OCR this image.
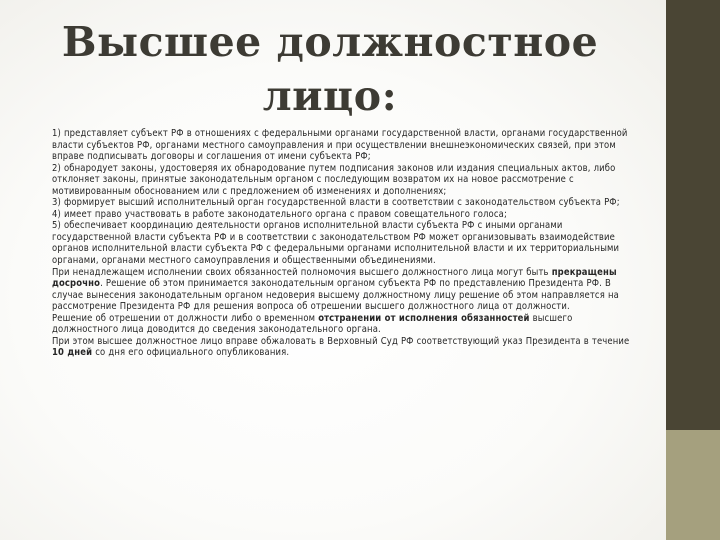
Высшее должностное
лицо:

1) представляет субъект РФ в отношениях с федеральными органами государственной власти, органами государственной власти субъектов РФ, органами местного самоуправления и при осуществлении внешнеэкономических связей, при этом вправе подписывать договоры и соглашения от имени субъекта РФ;

2) обнародует законы, удостоверяя их обнародование путем подписания законов или издания специальных актов, либо отклоняет законы, принятые законодательным органом с последующим возвратом их на новое рассмотрение с мотивированным обоснованием или с предложением об изменениях и дополнениях;

3) формирует высший исполнительный орган государственной власти в соответствии с законодательством субъекта РФ;

4) имеет право участвовать в работе законодательного органа с правом совещательного голоса;

5) обеспечивает координацию деятельности органов исполнительной власти субъекта РФ с иными органами государственной власти субъекта РФ и в соответствии с законодательством РФ может организовывать взаимодействие органов исполнительной власти субъекта РФ с федеральными органами исполнительной власти и их территориальными органами, органами местного самоуправления и общественными объединениями.

При ненадлежащем исполнении своих обязанностей полномочия высшего должностного лица могут быть прекращены досрочно. Решение об этом принимается законодательным органом субъекта РФ по представлению Президента РФ. В случае вынесения законодательным органом недоверия высшему должностному лицу решение об этом направляется на рассмотрение Президента РФ для решения вопроса об отрешении высшего должностного лица от должности.

Решение об отрешении от должности либо о временном отстранении от исполнения обязанностей высшего должностного лица доводится до сведения законодательного органа.

При этом высшее должностное лицо вправе обжаловать в Верховный Суд РФ соответствующий указ Президента в течение 10 дней со дня его официального опубликования.
